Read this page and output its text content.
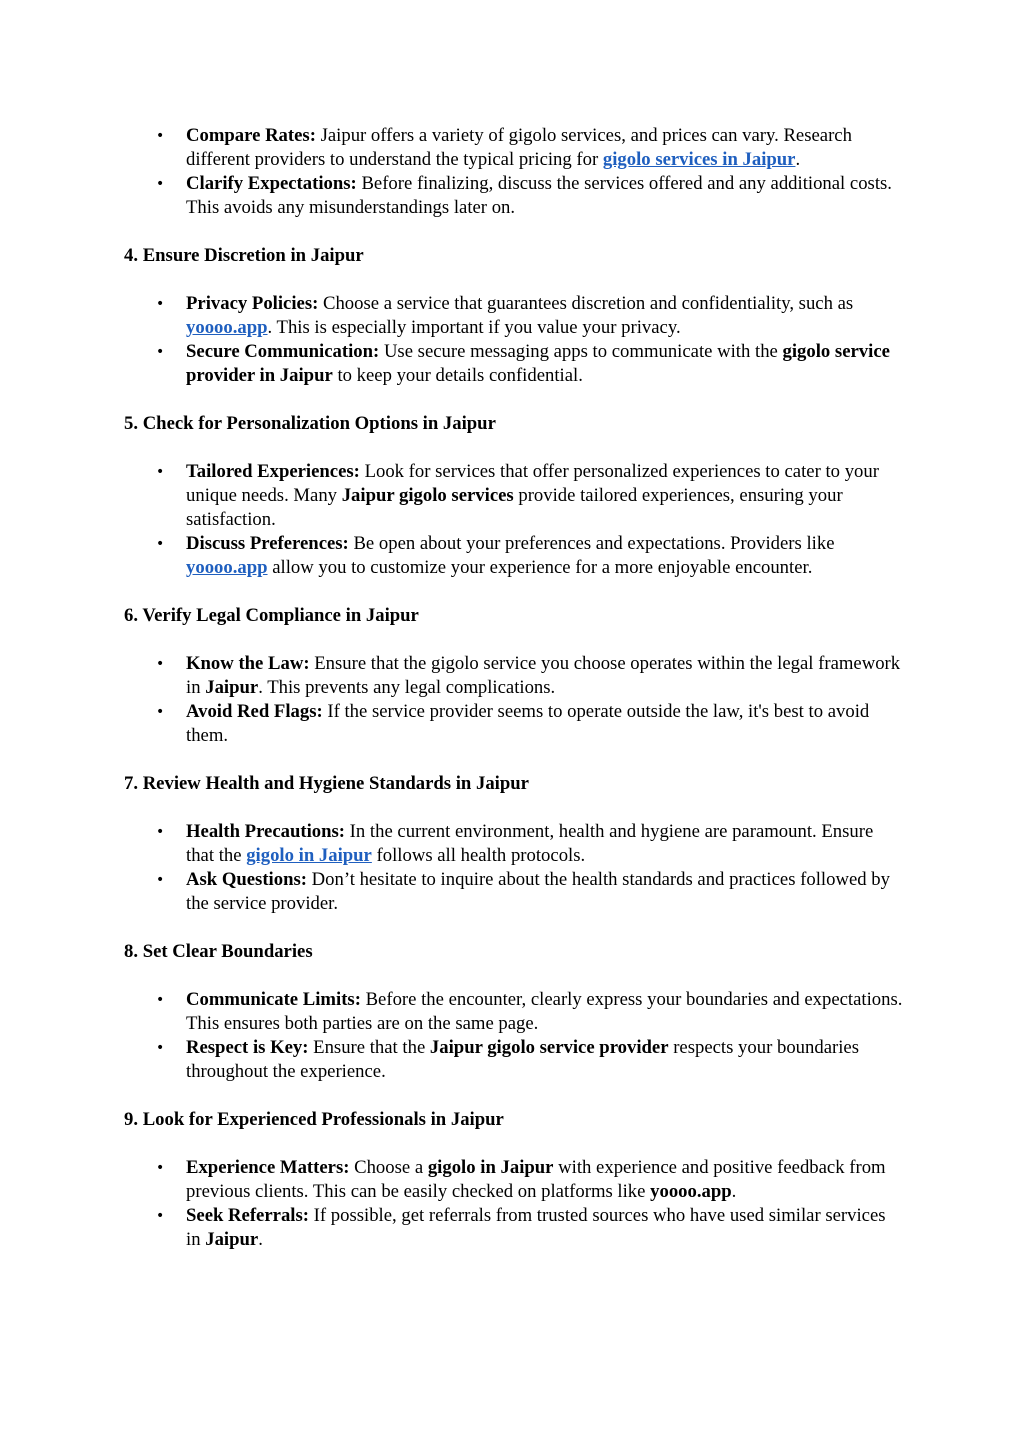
• Compare Rates: Jaipur offers a variety of gigolo services, and prices can vary. Research different providers to understand the typical pricing for gigolo services in Jaipur.
• Clarify Expectations: Before finalizing, discuss the services offered and any additional costs. This avoids any misunderstandings later on.

4. Ensure Discretion in Jaipur

• Privacy Policies: Choose a service that guarantees discretion and confidentiality, such as yoooo.app. This is especially important if you value your privacy.
• Secure Communication: Use secure messaging apps to communicate with the gigolo service provider in Jaipur to keep your details confidential.

5. Check for Personalization Options in Jaipur

• Tailored Experiences: Look for services that offer personalized experiences to cater to your unique needs. Many Jaipur gigolo services provide tailored experiences, ensuring your satisfaction.
• Discuss Preferences: Be open about your preferences and expectations. Providers like yoooo.app allow you to customize your experience for a more enjoyable encounter.

6. Verify Legal Compliance in Jaipur

• Know the Law: Ensure that the gigolo service you choose operates within the legal framework in Jaipur. This prevents any legal complications.
• Avoid Red Flags: If the service provider seems to operate outside the law, it's best to avoid them.

7. Review Health and Hygiene Standards in Jaipur

• Health Precautions: In the current environment, health and hygiene are paramount. Ensure that the gigolo in Jaipur follows all health protocols.
• Ask Questions: Don’t hesitate to inquire about the health standards and practices followed by the service provider.

8. Set Clear Boundaries

• Communicate Limits: Before the encounter, clearly express your boundaries and expectations. This ensures both parties are on the same page.
• Respect is Key: Ensure that the Jaipur gigolo service provider respects your boundaries throughout the experience.

9. Look for Experienced Professionals in Jaipur

• Experience Matters: Choose a gigolo in Jaipur with experience and positive feedback from previous clients. This can be easily checked on platforms like yoooo.app.
• Seek Referrals: If possible, get referrals from trusted sources who have used similar services in Jaipur.
